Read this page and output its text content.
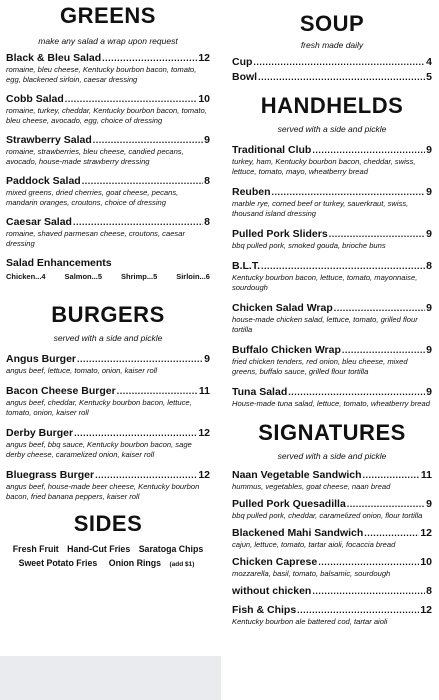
GREENS
make any salad a wrap upon request
Black & Bleu Salad .....	12
romaine, bleu cheese, Kentucky bourbon bacon, tomato, egg, blackened sirloin, caesar dressing
Cobb Salad .....	10
romaine, turkey, cheddar, Kentucky bourbon bacon, tomato, bleu cheese, avocado, egg, choice of dressing
Strawberry Salad .....	9
romaine, strawberries, bleu cheese, candied pecans, avocado, house-made strawberry dressing
Paddock Salad .....	8
mixed greens, dried cherries, goat cheese, pecans, mandarin oranges, croutons, choice of dressing
Caesar Salad .....	8
romaine, shaved parmesan cheese, croutons, caesar dressing
Salad Enhancements
Chicken...4	Salmon...5	Shrimp...5	Sirloin...6
BURGERS
served with a side and pickle
Angus Burger .....	9
angus beef, lettuce, tomato, onion, kaiser roll
Bacon Cheese Burger .....	11
angus beef, cheddar, Kentucky bourbon bacon, lettuce, tomato, onion, kaiser roll
Derby Burger .....	12
angus beef, bbq sauce, Kentucky bourbon bacon, sage derby cheese, caramelized onion, kaiser roll
Bluegrass Burger .....	12
angus beef, house-made beer cheese, Kentucky bourbon bacon, fried banana peppers, kaiser roll
SIDES
Fresh Fruit Hand-Cut Fries Saratoga Chips
Sweet Potato Fries Onion Rings (add $1)
SOUP
fresh made daily
Cup .....	4
Bowl .....	5
HANDHELDS
served with a side and pickle
Traditional Club .....	9
turkey, ham, Kentucky bourbon bacon, cheddar, swiss, lettuce, tomato, mayo, wheatberry bread
Reuben .....	9
marble rye, corned beef or turkey, sauerkraut, swiss, thousand island dressing
Pulled Pork Sliders .....	9
bbq pulled pork, smoked gouda, brioche buns
B.L.T. .....	8
Kentucky bourbon bacon, lettuce, tomato, mayonnaise, sourdough
Chicken Salad Wrap .....	9
house-made chicken salad, lettuce, tomato, grilled flour tortilla
Buffalo Chicken Wrap .....	9
fried chicken tenders, red onion, bleu cheese, mixed greens, buffalo sauce, grilled flour tortilla
Tuna Salad .....	9
House-made tuna salad, lettuce, tomato, wheatberry bread
SIGNATURES
served with a side and pickle
Naan Vegetable Sandwich .....	11
hummus, vegetables, goat cheese, naan bread
Pulled Pork Quesadilla .....	9
bbq pulled pork, cheddar, caramelized onion, flour tortilla
Blackened Mahi Sandwich .....	12
cajun, lettuce, tomato, tartar aioli, focaccia bread
Chicken Caprese .....	10
mozzarella, basil, tomato, balsamic, sourdough
without chicken .....	8
Fish & Chips .....	12
Kentucky bourbon ale battered cod, tartar aioli
